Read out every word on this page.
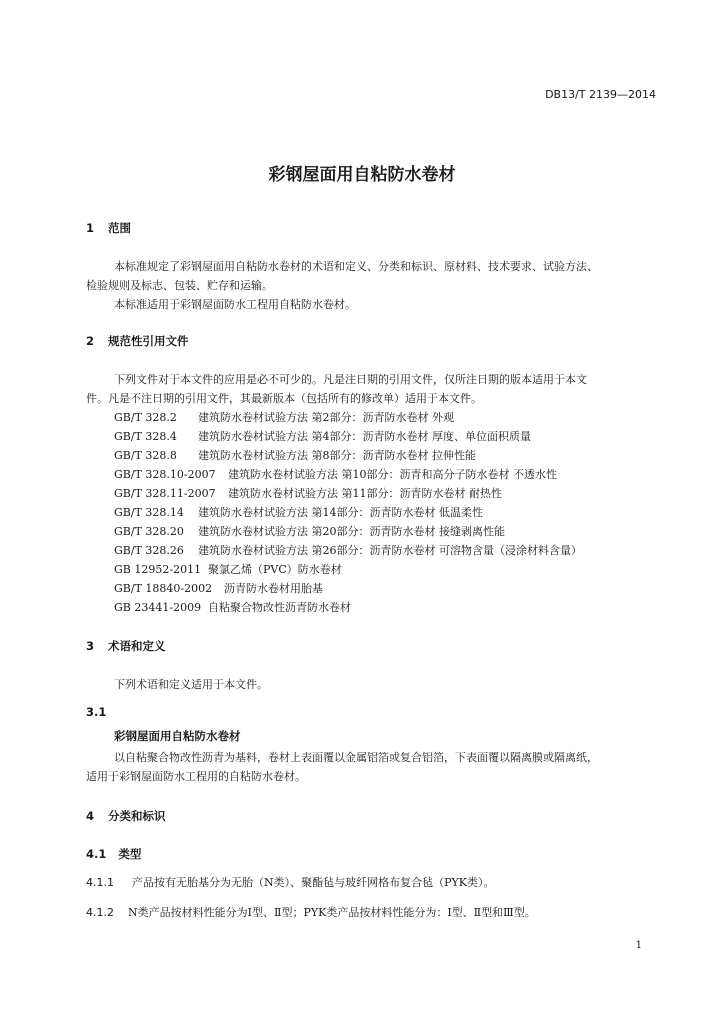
DB13/T 2139—2014
彩钢屋面用自粘防水卷材
1 范围
本标准规定了彩钢屋面用自粘防水卷材的术语和定义、分类和标识、原材料、技术要求、试验方法、
检验规则及标志、包装、贮存和运输。
本标准适用于彩钢屋面防水工程用自粘防水卷材。
2 规范性引用文件
下列文件对于本文件的应用是必不可少的。凡是注日期的引用文件，仅所注日期的版本适用于本文
件。凡是不注日期的引用文件，其最新版本（包括所有的修改单）适用于本文件。
GB/T 328.2 建筑防水卷材试验方法 第2部分：沥青防水卷材 外观
GB/T 328.4 建筑防水卷材试验方法 第4部分：沥青防水卷材 厚度、单位面积质量
GB/T 328.8 建筑防水卷材试验方法 第8部分：沥青防水卷材 拉伸性能
GB/T 328.10-2007 建筑防水卷材试验方法 第10部分：沥青和高分子防水卷材 不透水性
GB/T 328.11-2007 建筑防水卷材试验方法 第11部分：沥青防水卷材 耐热性
GB/T 328.14 建筑防水卷材试验方法 第14部分：沥青防水卷材 低温柔性
GB/T 328.20 建筑防水卷材试验方法 第20部分：沥青防水卷材 接缝剥离性能
GB/T 328.26 建筑防水卷材试验方法 第26部分：沥青防水卷材 可溶物含量（浸涂材料含量）
GB 12952-2011 聚氯乙烯（PVC）防水卷材
GB/T 18840-2002 沥青防水卷材用胎基
GB 23441-2009 自粘聚合物改性沥青防水卷材
3 术语和定义
下列术语和定义适用于本文件。
3.1
彩钢屋面用自粘防水卷材
以自粘聚合物改性沥青为基料，卷材上表面覆以金属铝箔或复合铝箔，下表面覆以隔离膜或隔离纸，
适用于彩钢屋面防水工程用的自粘防水卷材。
4 分类和标识
4.1 类型
4.1.1 产品按有无胎基分为无胎（N类）、聚酯毡与玻纤网格布复合毡（PYK类）。
4.1.2 N类产品按材料性能分为Ⅰ型、Ⅱ型；PYK类产品按材料性能分为：Ⅰ型、Ⅱ型和Ⅲ型。
1
